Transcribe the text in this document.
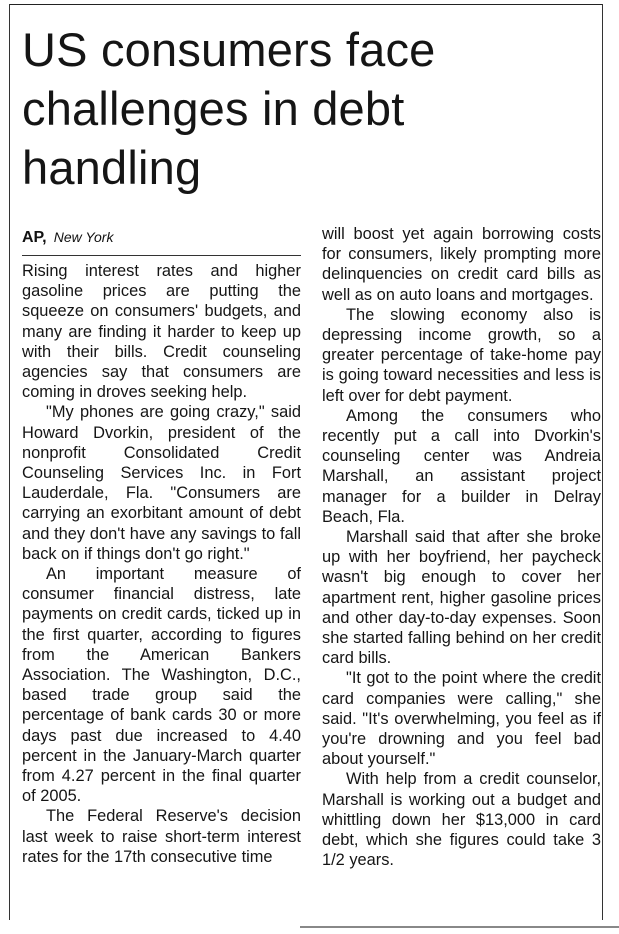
US consumers face challenges in debt handling
AP, New York

Rising interest rates and higher gasoline prices are putting the squeeze on consumers' budgets, and many are finding it harder to keep up with their bills. Credit counseling agencies say that consumers are coming in droves seeking help.

"My phones are going crazy," said Howard Dvorkin, president of the nonprofit Consolidated Credit Counseling Services Inc. in Fort Lauderdale, Fla. "Consumers are carrying an exorbitant amount of debt and they don't have any savings to fall back on if things don't go right."

An important measure of consumer financial distress, late payments on credit cards, ticked up in the first quarter, according to figures from the American Bankers Association. The Washington, D.C., based trade group said the percentage of bank cards 30 or more days past due increased to 4.40 percent in the January-March quarter from 4.27 percent in the final quarter of 2005.

The Federal Reserve's decision last week to raise short-term interest rates for the 17th consecutive time

will boost yet again borrowing costs for consumers, likely prompting more delinquencies on credit card bills as well as on auto loans and mortgages.

The slowing economy also is depressing income growth, so a greater percentage of take-home pay is going toward necessities and less is left over for debt payment.

Among the consumers who recently put a call into Dvorkin's counseling center was Andreia Marshall, an assistant project manager for a builder in Delray Beach, Fla.

Marshall said that after she broke up with her boyfriend, her paycheck wasn't big enough to cover her apartment rent, higher gasoline prices and other day-to-day expenses. Soon she started falling behind on her credit card bills.

"It got to the point where the credit card companies were calling," she said. "It's overwhelming, you feel as if you're drowning and you feel bad about yourself."

With help from a credit counselor, Marshall is working out a budget and whittling down her $13,000 in card debt, which she figures could take 3 1/2 years.
